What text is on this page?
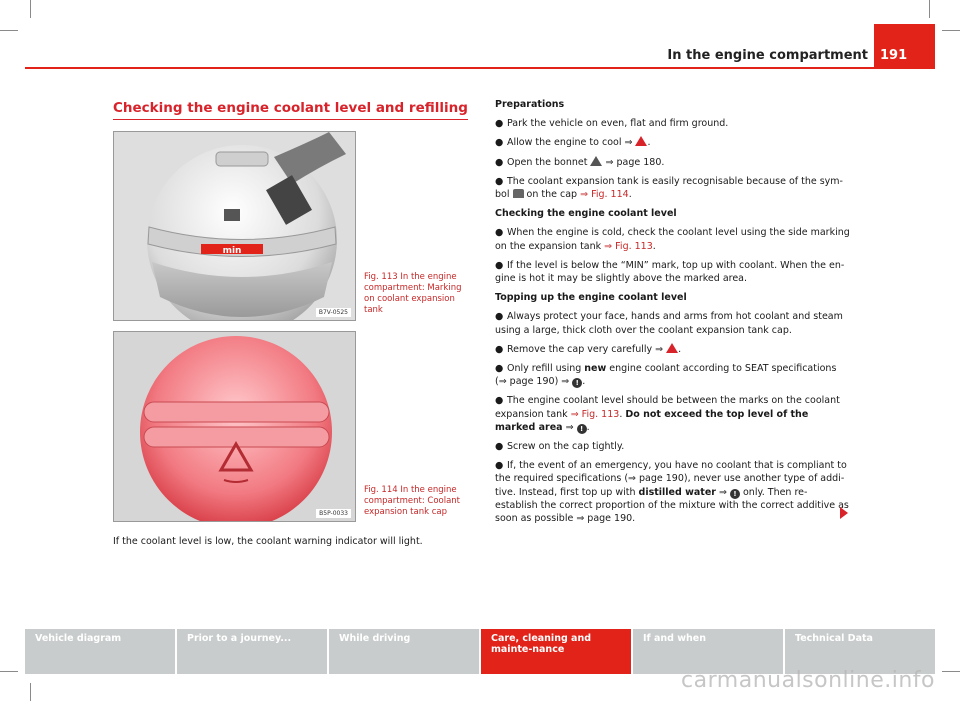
In the engine compartment 191
Checking the engine coolant level and refilling
min
B7V-0525
Fig. 113 In the engine compartment: Marking on coolant expansion tank
B5P-0033
Fig. 114 In the engine compartment: Coolant expansion tank cap
If the coolant level is low, the coolant warning indicator will light.
Preparations
● Park the vehicle on even, flat and firm ground.
● Allow the engine to cool ⇒ .
● Open the bonnet  ⇒ page 180.
● The coolant expansion tank is easily recognisable because of the sym-bol  on the cap ⇒ Fig. 114.
Checking the engine coolant level
● When the engine is cold, check the coolant level using the side marking on the expansion tank ⇒ Fig. 113.
● If the level is below the “MIN” mark, top up with coolant. When the en-gine is hot it may be slightly above the marked area.
Topping up the engine coolant level
● Always protect your face, hands and arms from hot coolant and steam using a large, thick cloth over the coolant expansion tank cap.
● Remove the cap very carefully ⇒ .
● Only refill using new engine coolant according to SEAT specifications (⇒ page 190) ⇒ ! .
● The engine coolant level should be between the marks on the coolant expansion tank ⇒ Fig. 113. Do not exceed the top level of the marked area ⇒ ! .
● Screw on the cap tightly.
● If, the event of an emergency, you have no coolant that is compliant to the required specifications (⇒ page 190), never use another type of addi-tive. Instead, first top up with distilled water ⇒ ! only. Then re-establish the correct proportion of the mixture with the correct additive as soon as possible ⇒ page 190.
Vehicle diagram	Prior to a journey...	While driving	Care, cleaning and mainte-nance
If and when	Technical Data
carmanualsonline.info
